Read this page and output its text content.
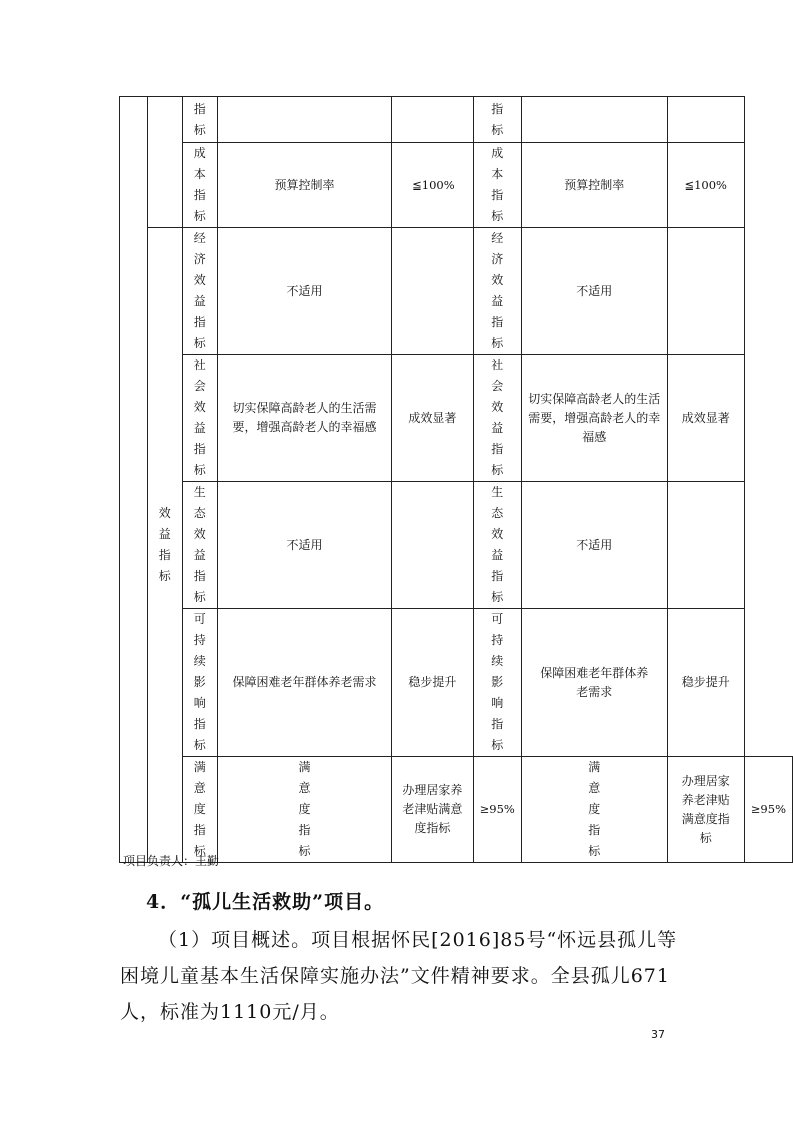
		指标			指标			

		成本指标	预算控制率	≦100%	成本指标	预算控制率	≦100%	

	效益指标	经济效益指标	不适用		经济效益指标	不适用		

		社会效益指标	切实保障高龄老人的生活需要，增强高龄老人的幸福感	成效显著	社会效益指标	切实保障高龄老人的生活需要，增强高龄老人的幸福感	成效显著	

		生态效益指标	不适用		生态效益指标	不适用		

		可持续影响指标	保障困难老年群体养老需求	稳步提升	可持续影响指标	保障困难老年群体养老需求	稳步提升	

		满意度指标	满意度指标	办理居家养老津贴满意度指标	≥95%	满意度指标	办理居家养老津贴满意度指标	≥95%
项目负责人：王勤
4．“孤儿生活救助”项目。

（1）项目概述。项目根据怀民[2016]85号“怀远县孤儿等困境儿童基本生活保障实施办法”文件精神要求。全县孤儿671人，标准为1110元/月。

37
